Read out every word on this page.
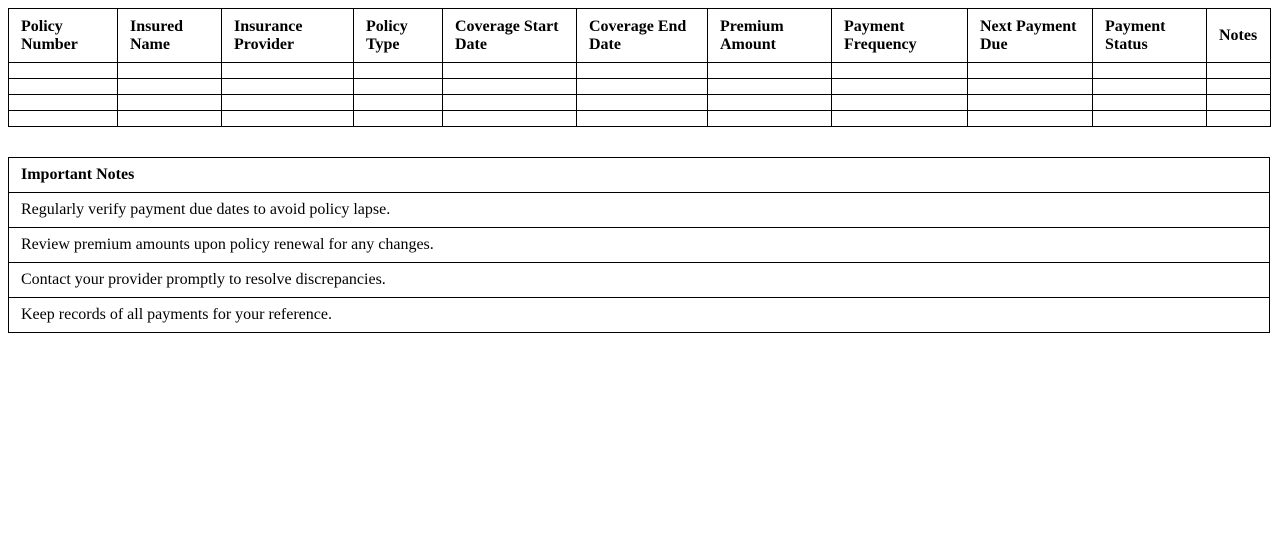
Policy Number	Insured Name	Insurance Provider	Policy Type	Coverage Start Date	Coverage End Date	Premium Amount	Payment Frequency	Next Payment Due	Payment Status	Notes

Important Notes
Regularly verify payment due dates to avoid policy lapse.
Review premium amounts upon policy renewal for any changes.
Contact your provider promptly to resolve discrepancies.
Keep records of all payments for your reference.
